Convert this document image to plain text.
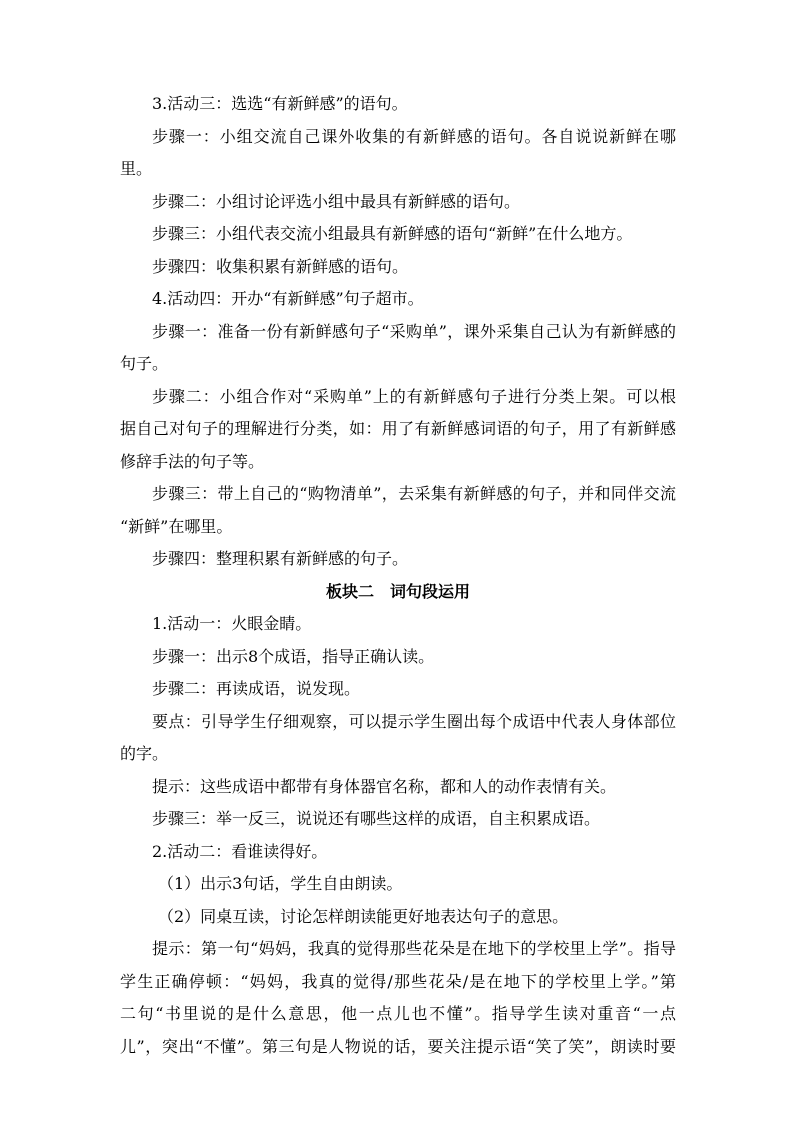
3.活动三：选选“有新鲜感”的语句。
步骤一：小组交流自己课外收集的有新鲜感的语句。各自说说新鲜在哪
里。
步骤二：小组讨论评选小组中最具有新鲜感的语句。
步骤三：小组代表交流小组最具有新鲜感的语句“新鲜”在什么地方。
步骤四：收集积累有新鲜感的语句。
4.活动四：开办“有新鲜感”句子超市。
步骤一：准备一份有新鲜感句子“采购单”，课外采集自己认为有新鲜感的
句子。
步骤二：小组合作对“采购单”上的有新鲜感句子进行分类上架。可以根
据自己对句子的理解进行分类，如：用了有新鲜感词语的句子，用了有新鲜感
修辞手法的句子等。
步骤三：带上自己的“购物清单”，去采集有新鲜感的句子，并和同伴交流
“新鲜”在哪里。
步骤四：整理积累有新鲜感的句子。
板块二　词句段运用
1.活动一：火眼金睛。
步骤一：出示8个成语，指导正确认读。
步骤二：再读成语，说发现。
要点：引导学生仔细观察，可以提示学生圈出每个成语中代表人身体部位
的字。
提示：这些成语中都带有身体器官名称，都和人的动作表情有关。
步骤三：举一反三，说说还有哪些这样的成语，自主积累成语。
2.活动二：看谁读得好。
（1）出示3句话，学生自由朗读。
（2）同桌互读，讨论怎样朗读能更好地表达句子的意思。
提示：第一句“妈妈，我真的觉得那些花朵是在地下的学校里上学”。指导
学生正确停顿：“妈妈，我真的觉得/那些花朵/是在地下的学校里上学。”第
二句“书里说的是什么意思，他一点儿也不懂”。指导学生读对重音“一点
儿”，突出“不懂”。第三句是人物说的话，要关注提示语“笑了笑”，朗读时要
